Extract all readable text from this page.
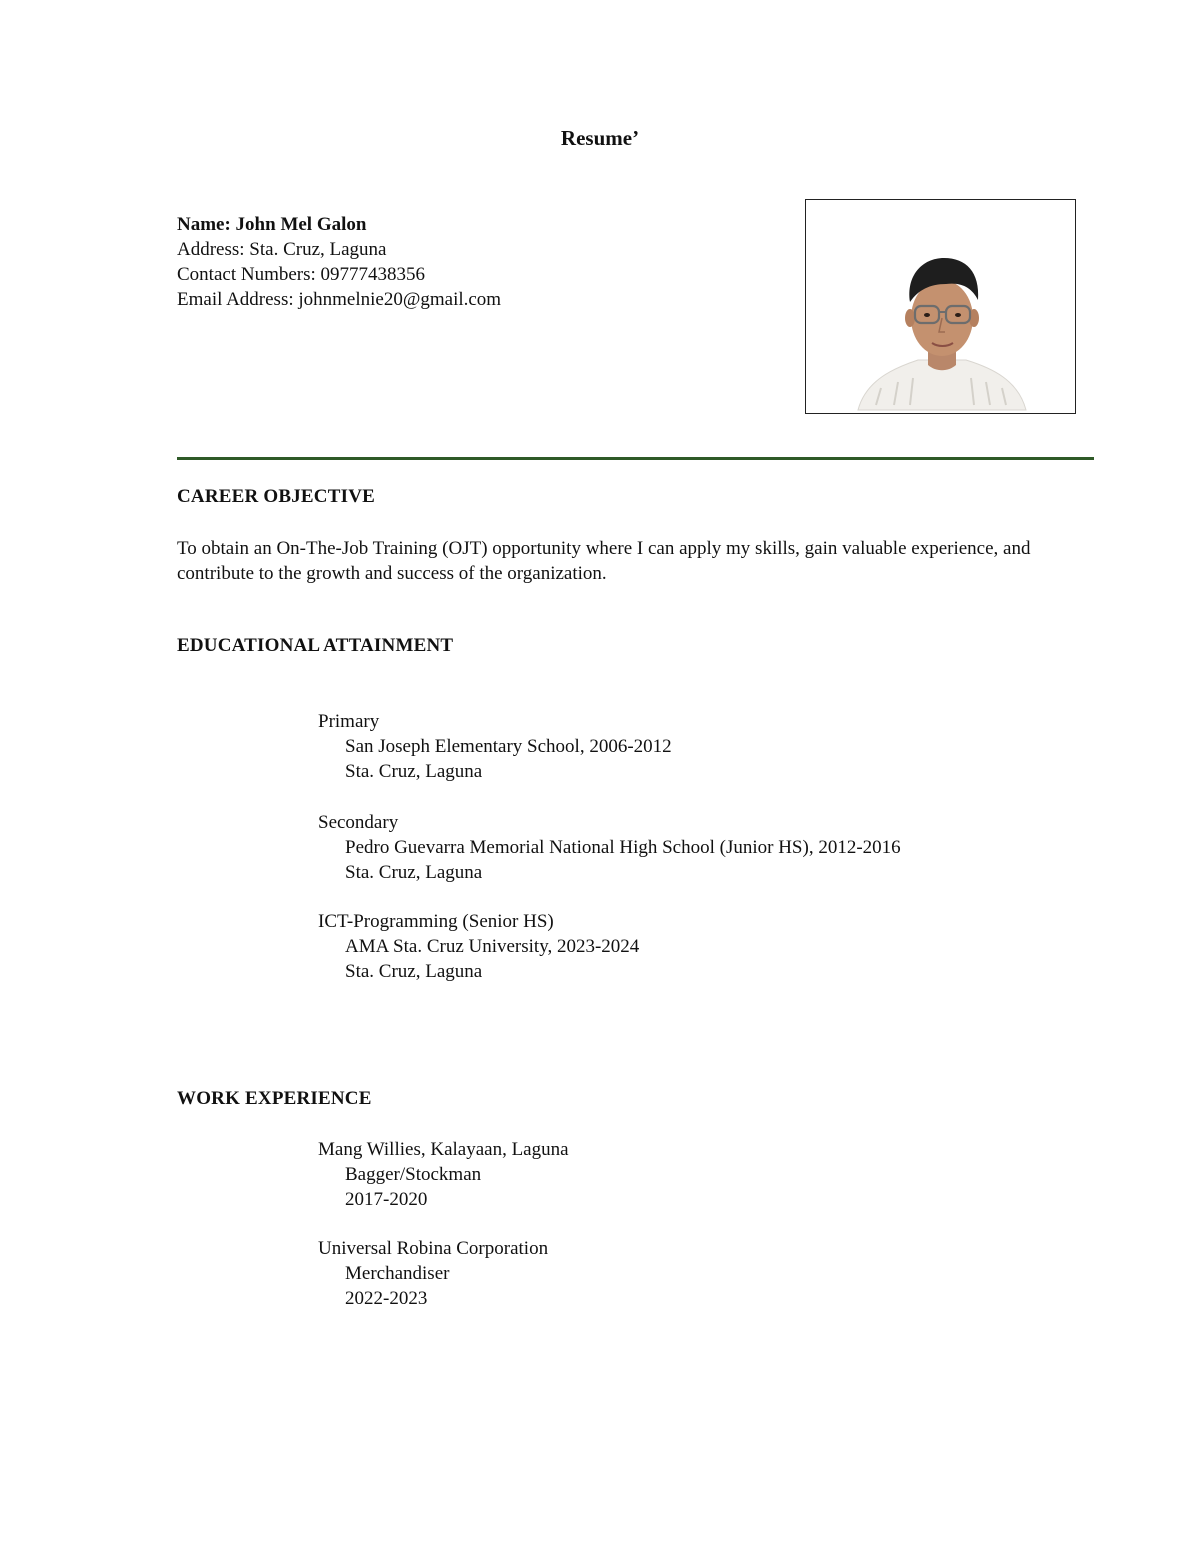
Resume’
Name: John Mel Galon
Address: Sta. Cruz, Laguna
Contact Numbers: 09777438356
Email Address: johnmelnie20@gmail.com
CAREER OBJECTIVE
To obtain an On-The-Job Training (OJT) opportunity where I can apply my skills, gain valuable experience, and contribute to the growth and success of the organization.
EDUCATIONAL ATTAINMENT
Primary
San Joseph Elementary School, 2006-2012
Sta. Cruz, Laguna
Secondary
Pedro Guevarra Memorial National High School (Junior HS), 2012-2016
Sta. Cruz, Laguna
ICT-Programming (Senior HS)
AMA Sta. Cruz University, 2023-2024
Sta. Cruz, Laguna
WORK EXPERIENCE
Mang Willies, Kalayaan, Laguna
Bagger/Stockman
2017-2020
Universal Robina Corporation
Merchandiser
2022-2023
